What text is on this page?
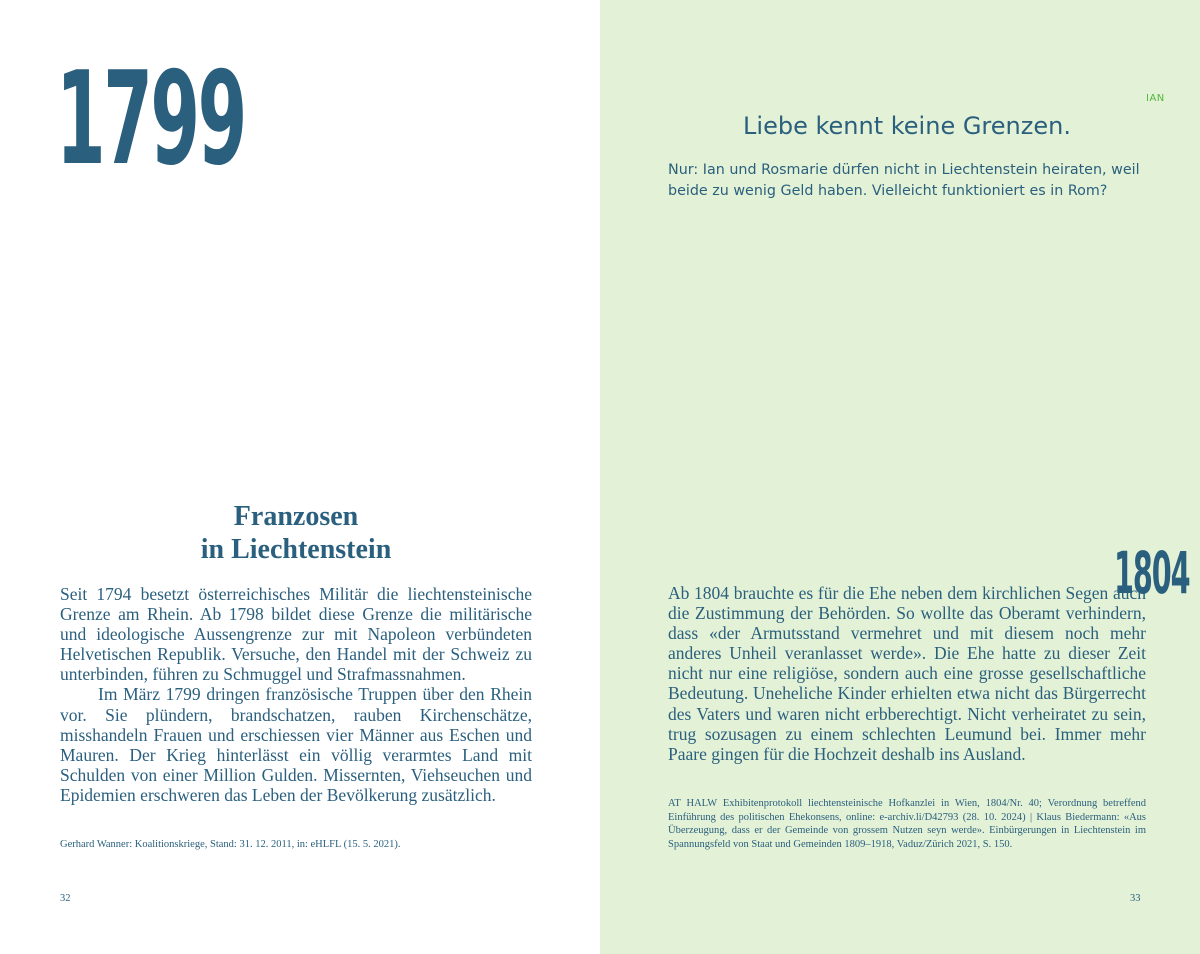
1799

Franzosen
in Liechtenstein
Seit 1794 besetzt österreichisches Militär die liechtensteinische Grenze am Rhein. Ab 1798 bildet diese Grenze die militärische und ideologische Aussengrenze zur mit Napoleon verbündeten Helvetischen Republik. Versuche, den Handel mit der Schweiz zu unterbinden, führen zu Schmuggel und Strafmassnahmen.
Im März 1799 dringen französische Truppen über den Rhein vor. Sie plündern, brandschatzen, rauben Kirchenschätze, misshandeln Frauen und erschiessen vier Männer aus Eschen und Mauren. Der Krieg hinterlässt ein völlig verarmtes Land mit Schulden von einer Million Gulden. Missernten, Viehseuchen und Epidemien erschweren das Leben der Bevölkerung zusätzlich.

Gerhard Wanner: Koalitionskriege, Stand: 31. 12. 2011, in: eHLFL (15. 5. 2021).

32

IAN

Liebe kennt keine Grenzen.

Nur: Ian und Rosmarie dürfen nicht in Liechtenstein heiraten, weil beide zu wenig Geld haben. Vielleicht funktioniert es in Rom?

1804

Ab 1804 brauchte es für die Ehe neben dem kirchlichen Segen auch die Zustimmung der Behörden. So wollte das Oberamt verhindern, dass «der Armutsstand vermehret und mit diesem noch mehr anderes Unheil veranlasset werde». Die Ehe hatte zu dieser Zeit nicht nur eine religiöse, sondern auch eine grosse gesellschaftliche Bedeutung. Uneheliche Kinder erhielten etwa nicht das Bürgerrecht des Vaters und waren nicht erbberechtigt. Nicht verheiratet zu sein, trug sozusagen zu einem schlechten Leumund bei. Immer mehr Paare gingen für die Hochzeit deshalb ins Ausland.

AT HALW Exhibitenprotokoll liechtensteinische Hofkanzlei in Wien, 1804/Nr. 40; Verordnung betreffend Einführung des politischen Ehekonsens, online: e-archiv.li/D42793 (28. 10. 2024) | Klaus Biedermann: «Aus Überzeugung, dass er der Gemeinde von grossem Nutzen seyn werde». Einbürgerungen in Liechtenstein im Spannungsfeld von Staat und Gemeinden 1809–1918, Vaduz/Zürich 2021, S. 150.

33
